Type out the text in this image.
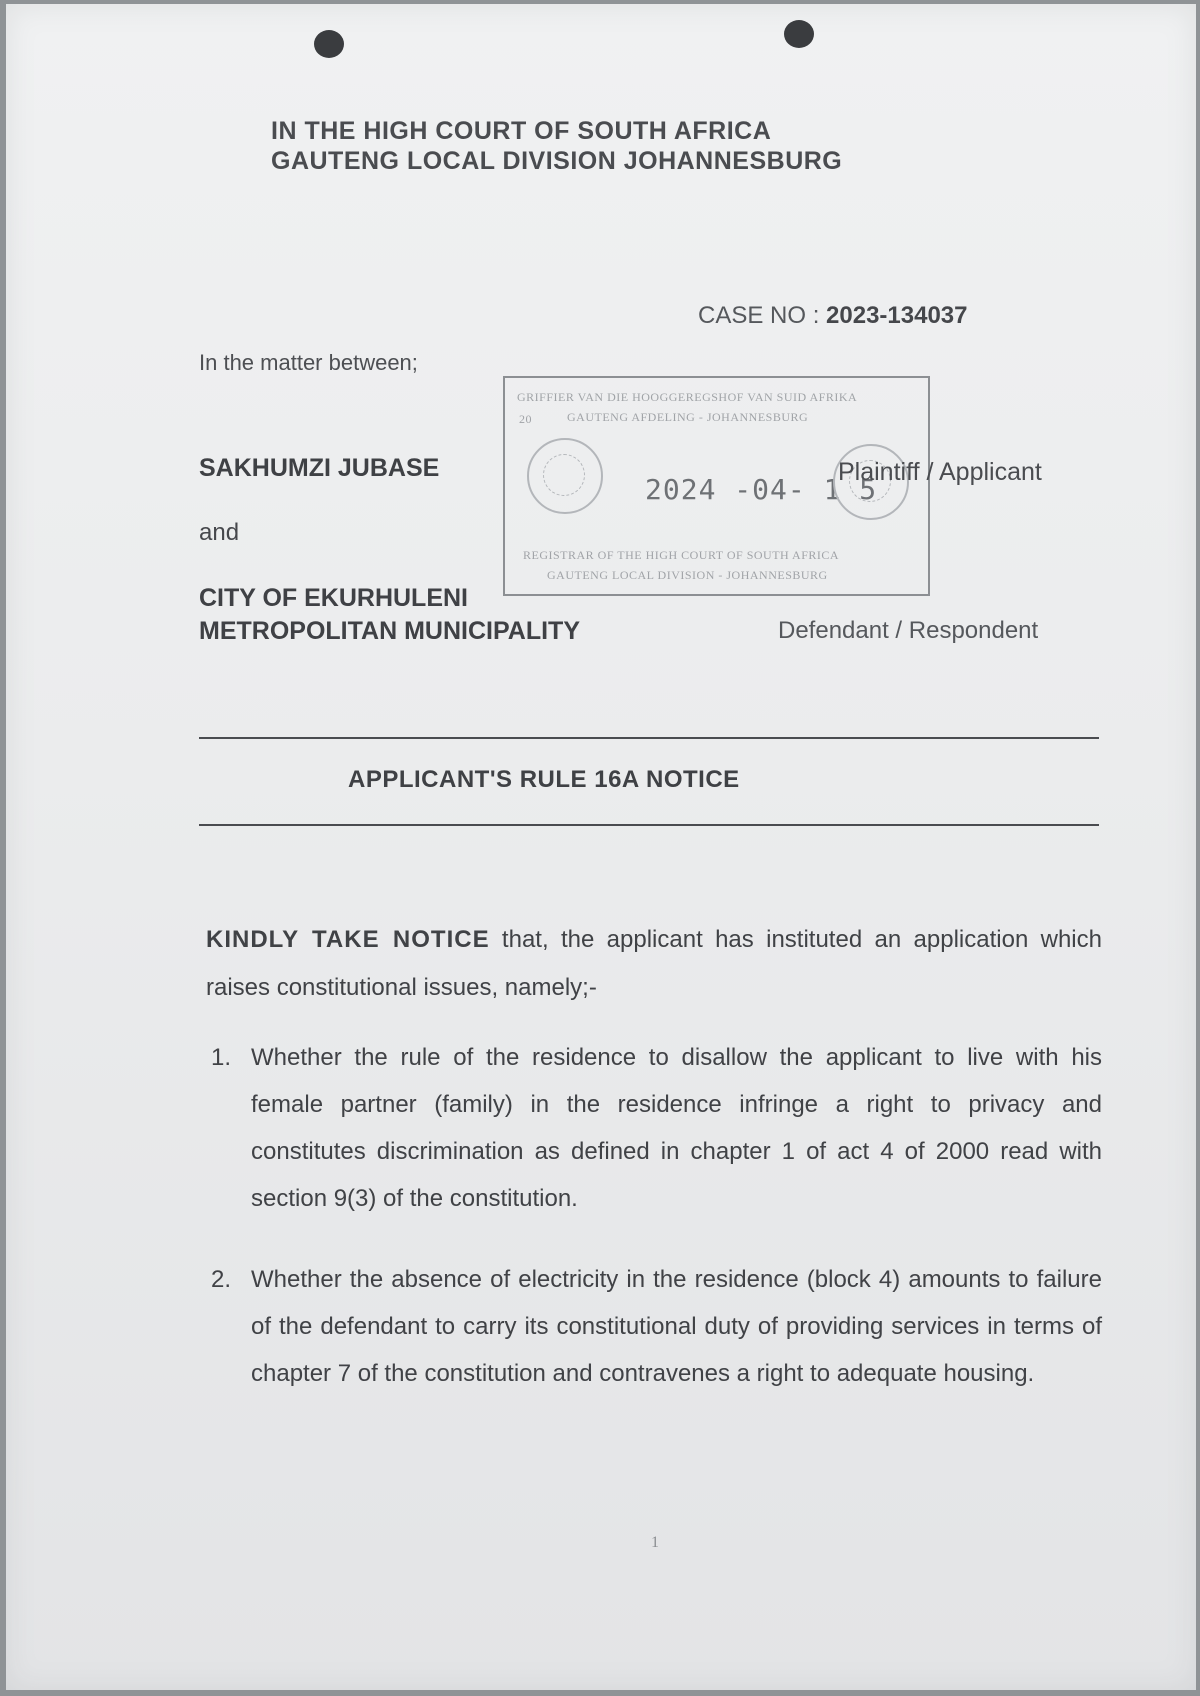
IN THE HIGH COURT OF SOUTH AFRICA
GAUTENG LOCAL DIVISION JOHANNESBURG
CASE NO : 2023-134037
In the matter between;
SAKHUMZI JUBASE
and
CITY OF EKURHULENI
METROPOLITAN MUNICIPALITY	Defendant / Respondent
GRIFFIER VAN DIE HOOGGEREGSHOF VAN SUID AFRIKA
20	GAUTENG AFDELING - JOHANNESBURG
2024 -04- 1 5
REGISTRAR OF THE HIGH COURT OF SOUTH AFRICA
GAUTENG LOCAL DIVISION - JOHANNESBURG
Plaintiff / Applicant
APPLICANT'S RULE 16A NOTICE
KINDLY TAKE NOTICE that, the applicant has instituted an application which raises constitutional issues, namely;-
1. Whether the rule of the residence to disallow the applicant to live with his female partner (family) in the residence infringe a right to privacy and constitutes discrimination as defined in chapter 1 of act 4 of 2000 read with section 9(3) of the constitution.
2. Whether the absence of electricity in the residence (block 4) amounts to failure of the defendant to carry its constitutional duty of providing services in terms of chapter 7 of the constitution and contravenes a right to adequate housing.
1
